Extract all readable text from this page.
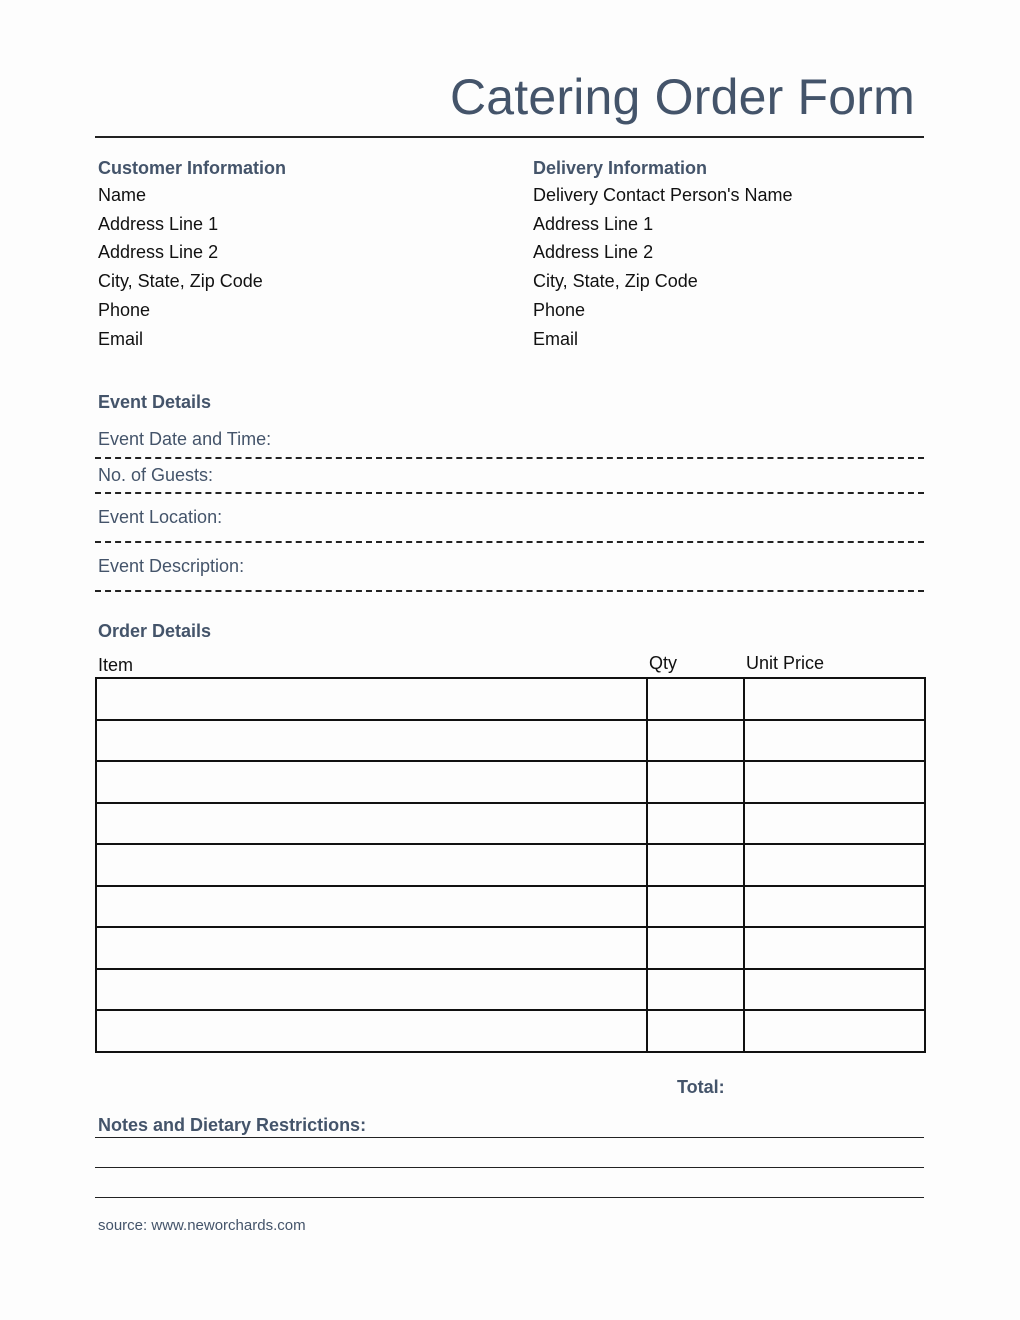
Catering Order Form
Customer Information
Name
Address Line 1
Address Line 2
City, State, Zip Code
Phone
Email
Delivery Information
Delivery Contact Person's Name
Address Line 1
Address Line 2
City, State, Zip Code
Phone
Email
Event Details
Event Date and Time:
No. of Guests:
Event Location:
Event Description:
Order Details
Item	Qty	Unit Price

Total:
Notes and Dietary Restrictions:
source: www.neworchards.com
